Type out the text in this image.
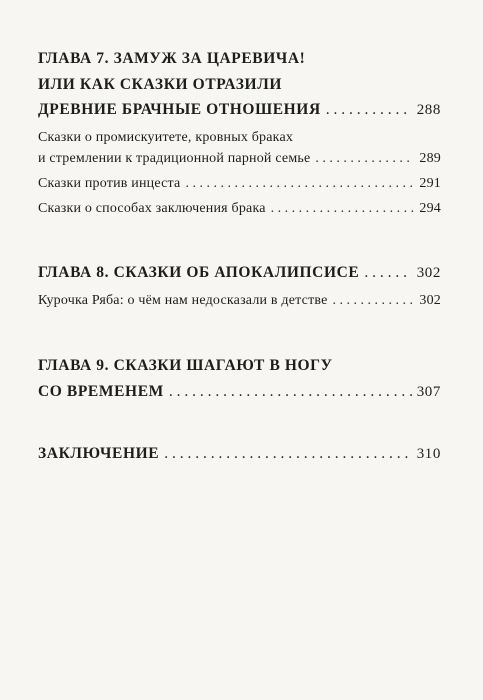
ГЛАВА 7. ЗАМУЖ ЗА ЦАРЕВИЧА!
ИЛИ КАК СКАЗКИ ОТРАЗИЛИ
ДРЕВНИЕ БРАЧНЫЕ ОТНОШЕНИЯ . . .	288
Сказки о промискуитете, кровных браках
и стремлении к традиционной парной семье . . .	289
Сказки против инцеста . . .	291
Сказки о способах заключения брака . . .	294
ГЛАВА 8. СКАЗКИ ОБ АПОКАЛИПСИСЕ . . .	302
Курочка Ряба: о чём нам недосказали в детстве . . .	302
ГЛАВА 9. СКАЗКИ ШАГАЮТ В НОГУ
СО ВРЕМЕНЕМ . . .	307
ЗАКЛЮЧЕНИЕ . . .	310
